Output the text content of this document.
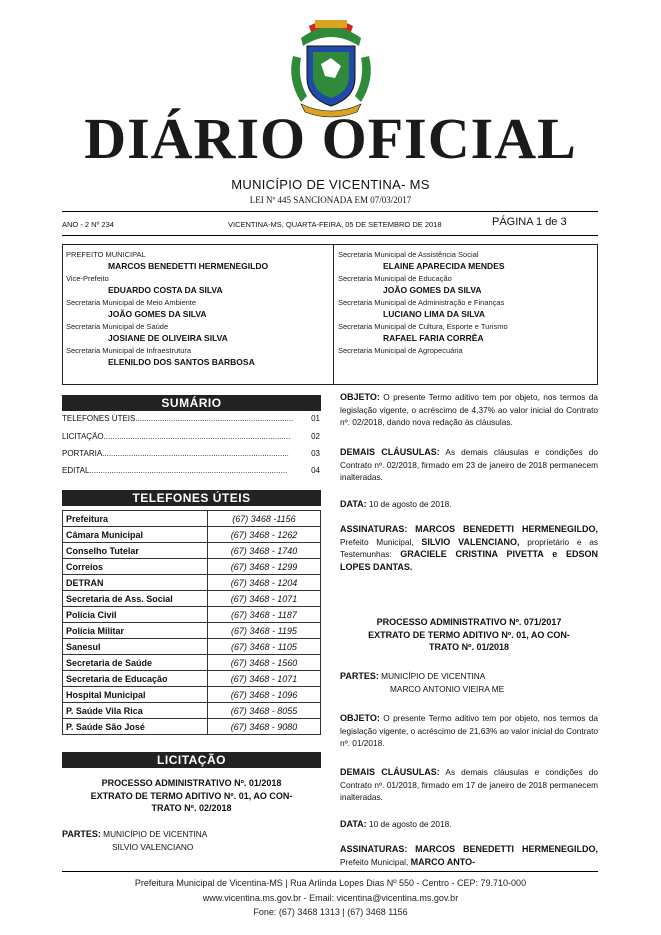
DIÁRIO OFICIAL
MUNICÍPIO DE VICENTINA- MS
LEI Nº 445 SANCIONADA EM 07/03/2017
ANO - 2 Nº 234	VICENTINA-MS, QUARTA-FEIRA, 05 DE SETEMBRO DE 2018	PÁGINA 1 de 3
PREFEITO MUNICIPAL
MARCOS BENEDETTI HERMENEGILDO
Vice-Prefeito
EDUARDO COSTA DA SILVA
Secretaria Municipal de Meio Ambiente
JOÃO GOMES DA SILVA
Secretaria Municipal de Saúde
JOSIANE DE OLIVEIRA SILVA
Secretaria Municipal de Infraestrutura
ELENILDO DOS SANTOS BARBOSA
Secretaria Municipal de Assistência Social
ELAINE APARECIDA MENDES
Secretaria Municipal de Educação
JOÃO GOMES DA SILVA
Secretaria Municipal de Administração e Finanças
LUCIANO LIMA DA SILVA
Secretaria Municipal de Cultura, Esporte e Turismo
RAFAEL FARIA CORRÊA
Secretaria Municipal de Agropecuária
SUMÁRIO
TELEFONES ÚTEIS....................................................................... 01
LICITAÇÃO....................................................................................	02
PORTARIA....................................................................................	03
EDITAL.........................................................................................	04
TELEFONES ÚTEIS
Prefeitura	(67) 3468 -1156
Câmara Municipal	(67) 3468 - 1262
Conselho Tutelar	(67) 3468 - 1740
Correios	(67) 3468 - 1299
DETRAN	(67) 3468 - 1204
Secretaria de Ass. Social	(67) 3468 - 1071
Polícia Civil	(67) 3468 - 1187
Polícia Militar	(67) 3468 - 1195
Sanesul	(67) 3468 - 1105
Secretaria de Saúde	(67) 3468 - 1560
Secretaria de Educação	(67) 3468 - 1071
Hospital Municipal	(67) 3468 - 1096
P. Saúde Vila Rica	(67) 3468 - 8055
P. Saúde São José	(67) 3468 - 9080
LICITAÇÃO
PROCESSO ADMINISTRATIVO Nº. 01/2018
EXTRATO DE TERMO ADITIVO Nº. 01, AO CON-
TRATO Nº. 02/2018
PARTES: MUNICÍPIO DE VICENTINA
SILVIO VALENCIANO
OBJETO: O presente Termo aditivo tem por objeto, nos termos da legislação vigente, o acréscimo de 4,37% ao valor inicial do Contrato nº. 02/2018, dando nova redação às cláusulas.
DEMAIS CLÁUSULAS: As demais cláusulas e condições do Contrato nº. 02/2018, firmado em 23 de janeiro de 2018 permanecem inalteradas.
DATA: 10 de agosto de 2018.
ASSINATURAS: MARCOS BENEDETTI HERMENEGILDO, Prefeito Municipal, SILVIO VALENCIANO, proprietário e as Testemunhas: GRACIELE CRISTINA PIVETTA e EDSON LOPES DANTAS.
PROCESSO ADMINISTRATIVO Nº. 071/2017
EXTRATO DE TERMO ADITIVO Nº. 01, AO CON-
TRATO Nº. 01/2018
PARTES: MUNICÍPIO DE VICENTINA
MARCO ANTONIO VIEIRA ME
OBJETO: O presente Termo aditivo tem por objeto, nos termos da legislação vigente, o acréscimo de 21,63% ao valor inicial do Contrato nº. 01/2018.
DEMAIS CLÁUSULAS: As demais cláusulas e condições do Contrato nº. 01/2018, firmado em 17 de janeiro de 2018 permanecem inalteradas.
DATA: 10 de agosto de 2018.
ASSINATURAS: MARCOS BENEDETTI HERMENEGILDO, Prefeito Municipal, MARCO ANTO-
Prefeitura Municipal de Vicentina-MS | Rua Arlinda Lopes Dias Nº 550 - Centro - CEP: 79.710-000
www.vicentina.ms.gov.br - Email: vicentina@vicentina.ms.gov.br
Fone: (67) 3468 1313 | (67) 3468 1156
